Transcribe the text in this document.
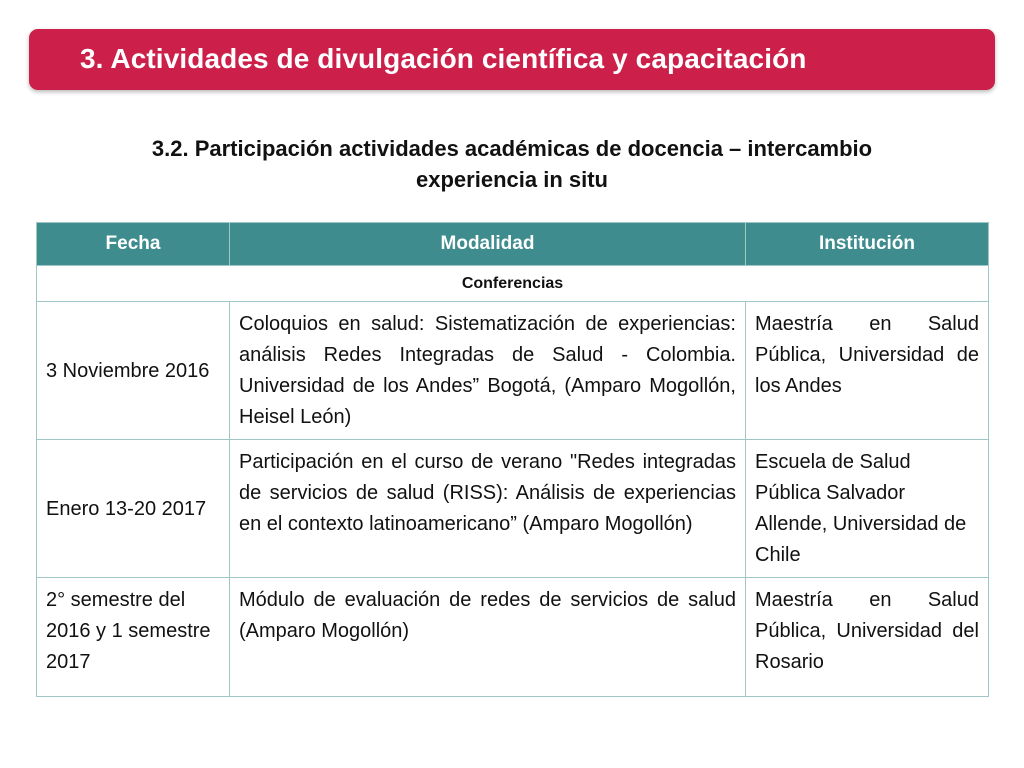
3. Actividades de divulgación científica y capacitación
3.2. Participación actividades académicas de docencia – intercambio
experiencia in situ
Fecha	Modalidad	Institución
Conferencias		
3 Noviembre 2016	Coloquios en salud: Sistematización de experiencias: análisis Redes Integradas de Salud - Colombia. Universidad de los Andes” Bogotá, (Amparo Mogollón, Heisel León)	Maestría en Salud Pública, Universidad de los Andes
Enero 13-20 2017	Participación en el curso de verano "Redes integradas de servicios de salud (RISS): Análisis de experiencias en el contexto latinoamericano” (Amparo Mogollón)	Escuela de Salud Pública Salvador Allende, Universidad de Chile
2° semestre del 2016 y 1 semestre 2017	Módulo de evaluación de redes de servicios de salud (Amparo Mogollón)	Maestría en Salud Pública, Universidad del Rosario
